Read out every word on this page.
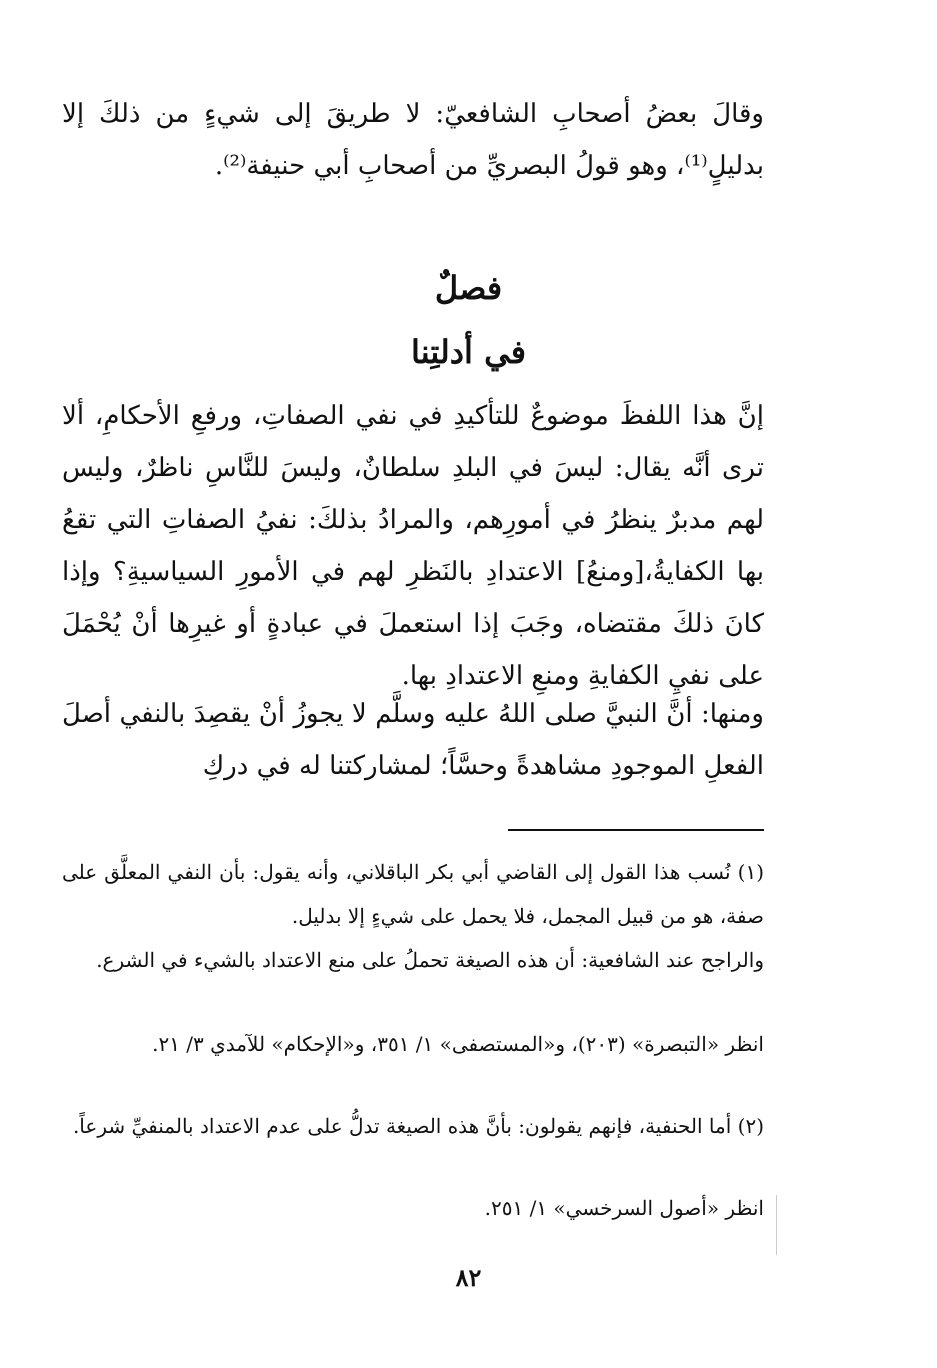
وقالَ بعضُ أصحابِ الشافعيّ: لا طريقَ إلى شيءٍ من ذلكَ إلا بدليلٍ⁽¹⁾، وهو قولُ البصريِّ من أصحابِ أبي حنيفة⁽²⁾.

فصلٌ
في أدلتِنا

إنَّ هذا اللفظَ موضوعٌ للتأكيدِ في نفي الصفاتِ، ورفعِ الأحكامِ، ألا ترى أنَّه يقال: ليسَ في البلدِ سلطانٌ، وليسَ للنَّاسِ ناظرٌ، وليس لهم مدبرٌ ينظرُ في أمورِهم، والمرادُ بذلكَ: نفيُ الصفاتِ التي تقعُ بها الكفايةُ،[ومنعُ] الاعتدادِ بالنَظرِ لهم في الأمورِ السياسيةِ؟ وإذا كانَ ذلكَ مقتضاه، وجَبَ إذا استعملَ في عبادةٍ أو غيرِها أنْ يُحْمَلَ على نفيِ الكفايةِ ومنعِ الاعتدادِ بها.

ومنها: أنَّ النبيَّ صلى اللهُ عليه وسلَّم لا يجوزُ أنْ يقصِدَ بالنفي أصلَ الفعلِ الموجودِ مشاهدةً وحسَّاً؛ لمشاركتنا له في دركِ

(١) نُسب هذا القول إلى القاضي أبي بكر الباقلاني، وأنه يقول: بأن النفي المعلَّق على صفة، هو من قبيل المجمل، فلا يحمل على شيءٍ إلا بدليل.

والراجح عند الشافعية: أن هذه الصيغة تحملُ على منع الاعتداد بالشيء في الشرع.

انظر «التبصرة» (٢٠٣)، و«المستصفى» ١/ ٣٥١، و«الإحكام» للآمدي ٣/ ٢١.

(٢) أما الحنفية، فإنهم يقولون: بأنَّ هذه الصيغة تدلُّ على عدم الاعتداد بالمنفيِّ شرعاً.

انظر «أصول السرخسي» ١/ ٢٥١.

٨٢
